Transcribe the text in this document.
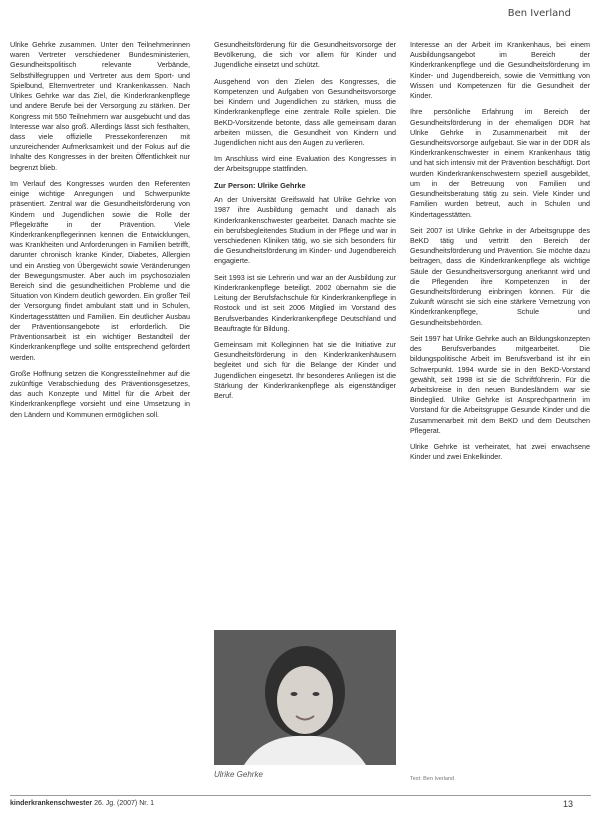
Ben Iverland

Ulrike Gehrke zusammen. Unter den Teilnehmerinnen waren Vertreter verschiedener Bundesministerien, Gesundheitspolitisch relevante Verbände, Selbsthilfegruppen und Vertreter aus dem Sport- und Spielbund, Elternvertreter und Krankenkassen. Nach Ulrikes Gehrke war das Ziel, die Kinderkrankenpflege und andere Berufe bei der Versorgung zu stärken. Der Kongress mit 550 Teilnehmern war ausgebucht und das Interesse war also groß. Allerdings lässt sich festhalten, dass viele offizielle Pressekonferenzen mit unzureichender Aufmerksamkeit und der Fokus auf die Inhalte des Kongresses in der breiten Öffentlichkeit nur begrenzt blieb.

Im Verlauf des Kongresses wurden den Referenten einige wichtige Anregungen und Schwerpunkte präsentiert. Zentral war die Gesundheitsförderung von Kindern und Jugendlichen sowie die Rolle der Pflegekräfte in der Prävention. Viele Kinderkrankenpflegerinnen kennen die Entwicklungen, was Krankheiten und Anforderungen in Familien betrifft, darunter chronisch kranke Kinder, Diabetes, Allergien und ein Anstieg von Übergewicht sowie Veränderungen der Bewegungsmuster. Aber auch im psychosozialen Bereich sind die gesundheitlichen Probleme und die Situation von Kindern deutlich geworden. Ein großer Teil der Versorgung findet ambulant statt und in Schulen, Kindertagesstätten und Familien. Ein deutlicher Ausbau der Präventionsangebote ist erforderlich. Die Präventionsarbeit ist ein wichtiger Bestandteil der Kinderkrankenpflege und sollte entsprechend gefördert werden.

Große Hoffnung setzen die Kongressteilnehmer auf die zukünftige Verabschiedung des Präventionsgesetzes, das auch Konzepte und Mittel für die Arbeit der Kinderkrankenpflege vorsieht und eine Umsetzung in den Ländern und Kommunen ermöglichen soll.

Gesundheitsförderung für die Gesundheitsvorsorge der Bevölkerung, die sich vor allem für Kinder und Jugendliche einsetzt und schützt.

Ausgehend von den Zielen des Kongresses, die Kompetenzen und Aufgaben von Gesundheitsvorsorge bei Kindern und Jugendlichen zu stärken, muss die Kinderkrankenpflege eine zentrale Rolle spielen. Die BeKD-Vorsitzende betonte, dass alle gemeinsam daran arbeiten müssen, die Gesundheit von Kindern und Jugendlichen nicht aus den Augen zu verlieren.

Im Anschluss wird eine Evaluation des Kongresses in der Arbeitsgruppe stattfinden.

Zur Person: Ulrike Gehrke

An der Universität Greifswald hat Ulrike Gehrke von 1987 ihre Ausbildung gemacht und danach als Kinderkrankenschwester gearbeitet. Danach machte sie ein berufsbegleitendes Studium in der Pflege und war in verschiedenen Kliniken tätig, wo sie sich besonders für die Gesundheitsförderung im Kinder- und Jugendbereich engagierte.

Seit 1993 ist sie Lehrerin und war an der Ausbildung zur Kinderkrankenpflege beteiligt. 2002 übernahm sie die Leitung der Berufsfachschule für Kinderkrankenpflege in Rostock und ist seit 2006 Mitglied im Vorstand des Berufsverbandes Kinderkrankenpflege Deutschland und Beauftragte für Bildung.

Gemeinsam mit Kolleginnen hat sie die Initiative zur Gesundheitsförderung in den Kinderkrankenhäusern begleitet und sich für die Belange der Kinder und Jugendlichen eingesetzt. Ihr besonderes Anliegen ist die Stärkung der Kinderkrankenpflege als eigenständiger Beruf.

Ulrike Gehrke

Interesse an der Arbeit im Krankenhaus, bei einem Ausbildungsangebot im Bereich der Kinderkrankenpflege und die Gesundheitsförderung im Kinder- und Jugendbereich, sowie die Vermittlung von Wissen und Kompetenzen für die Gesundheit der Kinder.

Ihre persönliche Erfahrung im Bereich der Gesundheitsförderung in der ehemaligen DDR hat Ulrike Gehrke in Zusammenarbeit mit der Gesundheitsvorsorge aufgebaut. Sie war in der DDR als Kinderkrankenschwester in einem Krankenhaus tätig und hat sich intensiv mit der Prävention beschäftigt. Dort wurden Kinderkrankenschwestern speziell ausgebildet, um in der Betreuung von Familien und Gesundheitsberatung tätig zu sein. Viele Kinder und Familien wurden betreut, auch in Schulen und Kindertagesstätten.

Seit 2007 ist Ulrike Gehrke in der Arbeitsgruppe des BeKD tätig und vertritt den Bereich der Gesundheitsförderung und Prävention. Sie möchte dazu beitragen, dass die Kinderkrankenpflege als wichtige Säule der Gesundheitsversorgung anerkannt wird und die Pflegenden ihre Kompetenzen in der Gesundheitsförderung einbringen können. Für die Zukunft wünscht sie sich eine stärkere Vernetzung von Kinderkrankenpflege, Schule und Gesundheitsbehörden.

Seit 1997 hat Ulrike Gehrke auch an Bildungskonzepten des Berufsverbandes mitgearbeitet. Die bildungspolitische Arbeit im Berufsverband ist ihr ein Schwerpunkt. 1994 wurde sie in den BeKD-Vorstand gewählt, seit 1998 ist sie die Schriftführerin. Für die Arbeitskreise in den neuen Bundesländern war sie Bindeglied. Ulrike Gehrke ist Ansprechpartnerin im Vorstand für die Arbeitsgruppe Gesunde Kinder und die Zusammenarbeit mit dem BeKD und dem Deutschen Pflegerat.

Ulrike Gehrke ist verheiratet, hat zwei erwachsene Kinder und zwei Enkelkinder.

Text: Ben Iverland
kinderkrankenschwester 26. Jg. (2007) Nr. 1	13
